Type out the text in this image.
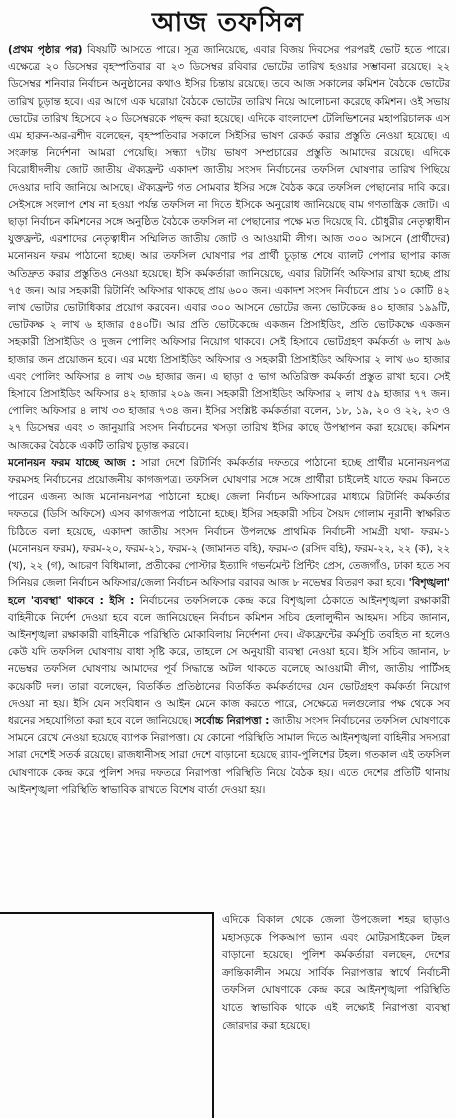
আজ তফসিল

(প্রথম পৃষ্ঠার পর) বিষয়টি আসতে পারে। সূত্র জানিয়েছে, এবার বিজয় দিবসের পরপরই ভোট হতে পারে। এক্ষেত্রে ২০ ডিসেম্বর বৃহস্পতিবার বা ২৩ ডিসেম্বর রবিবার ভোটের তারিখ হওয়ার সম্ভাবনা রয়েছে। ২২ ডিসেম্বর শনিবার নির্বাচন অনুষ্ঠানের কথাও ইসির চিন্তায় রয়েছে। তবে আজ সকালের কমিশন বৈঠকে ভোটের তারিখ চূড়ান্ত হবে। এর আগে এক ঘরোয়া বৈঠকে ভোটের তারিখ নিয়ে আলোচনা করেছে কমিশন। ওই সভায় ভোটের তারিখ হিসেবে ২০ ডিসেম্বরকে পছন্দ করা হয়েছে। এদিকে বাংলাদেশ টেলিভিশনের মহাপরিচালক এস এম হারুন-অর-রশীদ বলেছেন, বৃহস্পতিবার সকালে সিইসির ভাষণ রেকর্ড করার প্রস্তুতি নেওয়া হয়েছে। এ সংক্রান্ত নির্দেশনা আমরা পেয়েছি। সন্ধ্যা ৭টায় ভাষণ সম্প্রচারের প্রস্তুতি আমাদের রয়েছে। এদিকে বিরোধীদলীয় জোট জাতীয় ঐক্যফ্রন্ট একাদশ জাতীয় সংসদ নির্বাচনের তফসিল ঘোষণার তারিখ পিছিয়ে দেওয়ার দাবি জানিয়ে আসছে। ঐক্যফ্রন্ট গত সোমবার ইসির সঙ্গে বৈঠক করে তফসিল পেছানোর দাবি করে। সেইসঙ্গে সংলাপ শেষ না হওয়া পর্যন্ত তফসিল না দিতে ইসিকে অনুরোধ জানিয়েছে বাম গণতান্ত্রিক জোট। এ ছাড়া নির্বাচন কমিশনের সঙ্গে অনুষ্ঠিত বৈঠকে তফসিল না পেছানোর পক্ষে মত দিয়েছে বি. চৌধুরীর নেতৃত্বাধীন যুক্তফ্রন্ট, এরশাদের নেতৃত্বাধীন সম্মিলিত জাতীয় জোট ও আওয়ামী লীগ। আজ ৩০০ আসনে (প্রার্থীদের) মনোনয়ন ফরম পাঠানো হচ্ছে। আর তফসিল ঘোষণার পর প্রার্থী চূড়ান্ত শেষে ব্যালট পেপার ছাপার কাজ অতিদ্রুত করার প্রস্তুতিও নেওয়া হয়েছে। ইসি কর্মকর্তারা জানিয়েছে, এবার রিটার্নিং অফিসার রাখা হচ্ছে প্রায় ৭৫ জন। আর সহকারী রিটার্নিং অফিসার থাকছে প্রায় ৬০০ জন। একাদশ সংসদ নির্বাচনে প্রায় ১০ কোটি ৪২ লাখ ভোটার ভোটাধিকার প্রয়োগ করবেন। এবার ৩০০ আসনে ভোটের জন্য ভোটকেন্দ্র ৪০ হাজার ১৯৯টি, ভোটকক্ষ ২ লাখ ৬ হাজার ৫৪০টি। আর প্রতি ভোটকেন্দ্রে একজন প্রিসাইডিং, প্রতি ভোটকক্ষে একজন সহকারী প্রিসাইডিং ও দুজন পোলিং অফিসার নিয়োগ থাকবে। সেই হিসাবে ভোটগ্রহণ কর্মকর্তা ৬ লাখ ৯৬ হাজার জন প্রয়োজন হবে। এর মধ্যে প্রিসাইডিং অফিসার ও সহকারী প্রিসাইডিং অফিসার ২ লাখ ৬০ হাজার এবং পোলিং অফিসার ৪ লাখ ৩৬ হাজার জন। এ ছাড়া ৫ ভাগ অতিরিক্ত কর্মকর্তা প্রস্তুত রাখা হবে। সেই হিসাবে প্রিসাইডিং অফিসার ৪২ হাজার ২০৯ জন। সহকারী প্রিসাইডিং অফিসার ২ লাখ ৫৯ হাজার ৭৭ জন। পোলিং অফিসার ৪ লাখ ৩৩ হাজার ৭৩৪ জন। ইসির সংশ্লিষ্ট কর্মকর্তারা বলেন, ১৮, ১৯, ২০ ও ২২, ২৩ ও ২৭ ডিসেম্বর এবং ৩ জানুয়ারি সংসদ নির্বাচনের খসড়া তারিখ ইসির কাছে উপস্থাপন করা হয়েছে। কমিশন আজকের বৈঠকে একটি তারিখ চূড়ান্ত করবে।

মনোনয়ন ফরম যাচ্ছে আজ : সারা দেশে রিটার্নিং কর্মকর্তার দফতরে পাঠানো হচ্ছে প্রার্থীর মনোনয়নপত্র ফরমসহ নির্বাচনের প্রয়োজনীয় কাগজপত্র। তফসিল ঘোষণার সঙ্গে সঙ্গে প্রার্থীরা চাইলেই যাতে ফরম কিনতে পারেন এজন্য আজ মনোনয়নপত্র পাঠানো হচ্ছে। জেলা নির্বাচন অফিসারের মাধ্যমে রিটার্নিং কর্মকর্তার দফতরে (ডিসি অফিসে) এসব কাগজপত্র পাঠানো হচ্ছে। ইসির সহকারী সচিব সৈয়দ গোলাম নূরানী স্বাক্ষরিত চিঠিতে বলা হয়েছে, একাদশ জাতীয় সংসদ নির্বাচন উপলক্ষে প্রাথমিক নির্বাচনী সামগ্রী যথা- ফরম-১ (মনোনয়ন ফরম), ফরম-২০, ফরম-২১, ফরম-২ (জামানত বহি), ফরম-৩ (রসিদ বহি), ফরম-২২, ২২ (ক), ২২ (খ), ২২ (গ), আচরণ বিধিমালা, প্রতীকের পোস্টার ইত্যাদি গভর্নমেন্ট প্রিন্টিং প্রেস, তেজগাঁও, ঢাকা হতে সব সিনিয়র জেলা নির্বাচন অফিসার/জেলা নির্বাচন অফিসার বরাবর আজ ৮ নভেম্বর বিতরণ করা হবে। 'বিশৃঙ্খলা' হলে 'ব্যবস্থা' থাকবে : ইসি : নির্বাচনের তফসিলকে কেন্দ্র করে বিশৃঙ্খলা ঠেকাতে আইনশৃঙ্খলা রক্ষাকারী বাহিনীকে নির্দেশ দেওয়া হবে বলে জানিয়েছেন নির্বাচন কমিশন সচিব হেলালুদ্দীন আহমদ। সচিব জানান, আইনশৃঙ্খলা রক্ষাকারী বাহিনীকে পরিস্থিতি মোকাবিলায় নির্দেশনা দেব। ঐক্যফ্রন্টের কর্মসূচি তবহিত না হলেও কেউ যদি তফসিল ঘোষণায় বাধা সৃষ্টি করে, তাহলে সে অনুযায়ী ব্যবস্থা নেওয়া হবে। ইসি সচিব জানান, ৮ নভেম্বর তফসিল ঘোষণায় আমাদের পূর্ব সিদ্ধান্তে অটল থাকতে বলেছে আওয়ামী লীগ, জাতীয় পার্টিসহ কয়েকটি দল। তারা বলেছেন, বিতর্কিত প্রতিষ্ঠানের বিতর্কিত কর্মকর্তাদের যেন ভোটগ্রহণ কর্মকর্তা নিয়োগ দেওয়া না হয়। ইসি যেন সংবিধান ও আইন মেনে কাজ করতে পারে, সেক্ষেত্রে দলগুলোর পক্ষ থেকে সব ধরনের সহযোগিতা করা হবে বলে জানিয়েছে। সর্বোচ্চ নিরাপত্তা : জাতীয় সংসদ নির্বাচনের তফসিল ঘোষণাকে সামনে রেখে নেওয়া হয়েছে ব্যাপক নিরাপত্তা। যে কোনো পরিস্থিতি সামাল দিতে আইনশৃঙ্খলা বাহিনীর সদস্যরা সারা দেশেই সতর্ক রয়েছে। রাজধানীসহ সারা দেশে বাড়ানো হয়েছে র‌্যাব-পুলিশের টহল। গতকাল এই তফসিল ঘোষণাকে কেন্দ্র করে পুলিশ সদর দফতরে নিরাপত্তা পরিস্থিতি নিয়ে বৈঠক হয়। এতে দেশের প্রতিটি থানায় আইনশৃঙ্খলা পরিস্থিতি স্বাভাবিক রাখতে বিশেষ বার্তা দেওয়া হয়।

এদিকে বিকাল থেকে জেলা উপজেলা শহর ছাড়াও মহাসড়কে পিকআপ ভ্যান এবং মোটরসাইকেল টহল বাড়ানো হয়েছে। পুলিশ কর্মকর্তারা বলছেন, দেশের ক্রান্তিকালীন সময়ে সার্বিক নিরাপত্তার স্বার্থে নির্বাচনী তফসিল ঘোষণাকে কেন্দ্র করে আইনশৃঙ্খলা পরিস্থিতি যাতে স্বাভাবিক থাকে এই লক্ষ্যেই নিরাপত্তা ব্যবস্থা জোরদার করা হয়েছে।
